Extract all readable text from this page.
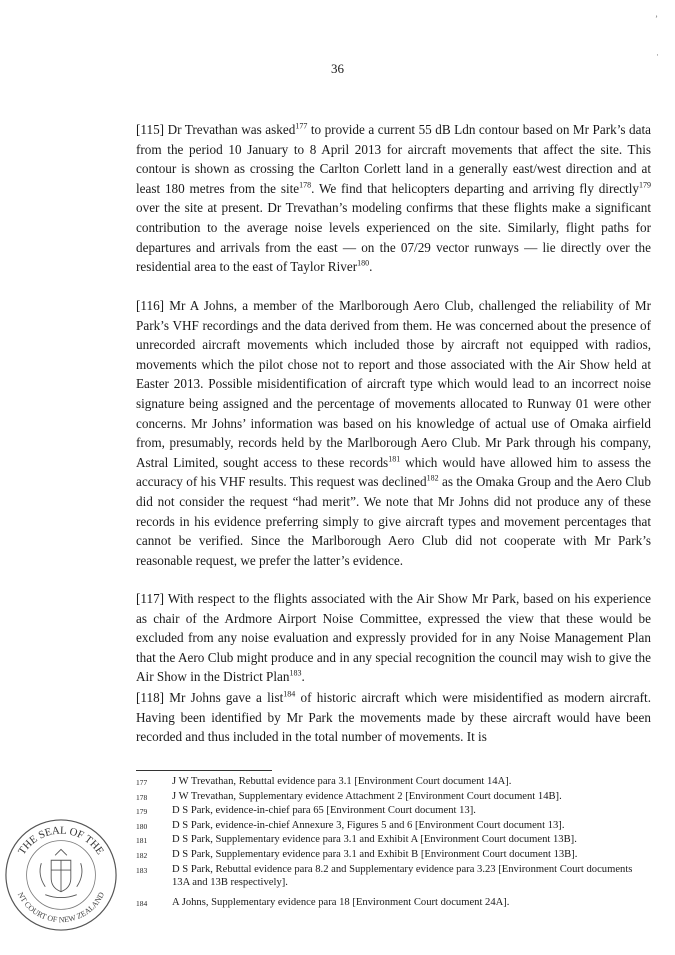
36

[115] Dr Trevathan was asked$^{177}$ to provide a current 55 dB Ldn contour based on Mr Park’s data from the period 10 January to 8 April 2013 for aircraft movements that affect the site. This contour is shown as crossing the Carlton Corlett land in a generally east/west direction and at least 180 metres from the site$^{178}$. We find that helicopters departing and arriving fly directly$^{179}$ over the site at present. Dr Trevathan’s modeling confirms that these flights make a significant contribution to the average noise levels experienced on the site. Similarly, flight paths for departures and arrivals from the east — on the 07/29 vector runways — lie directly over the residential area to the east of Taylor River$^{180}$.

[116] Mr A Johns, a member of the Marlborough Aero Club, challenged the reliability of Mr Park’s VHF recordings and the data derived from them. He was concerned about the presence of unrecorded aircraft movements which included those by aircraft not equipped with radios, movements which the pilot chose not to report and those associated with the Air Show held at Easter 2013. Possible misidentification of aircraft type which would lead to an incorrect noise signature being assigned and the percentage of movements allocated to Runway 01 were other concerns. Mr Johns’ information was based on his knowledge of actual use of Omaka airfield from, presumably, records held by the Marlborough Aero Club. Mr Park through his company, Astral Limited, sought access to these records$^{181}$ which would have allowed him to assess the accuracy of his VHF results. This request was declined$^{182}$ as the Omaka Group and the Aero Club did not consider the request “had merit”. We note that Mr Johns did not produce any of these records in his evidence preferring simply to give aircraft types and movement percentages that cannot be verified. Since the Marlborough Aero Club did not cooperate with Mr Park’s reasonable request, we prefer the latter’s evidence.

[117] With respect to the flights associated with the Air Show Mr Park, based on his experience as chair of the Ardmore Airport Noise Committee, expressed the view that these would be excluded from any noise evaluation and expressly provided for in any Noise Management Plan that the Aero Club might produce and in any special recognition the council may wish to give the Air Show in the District Plan$^{183}$.

[118] Mr Johns gave a list$^{184}$ of historic aircraft which were misidentified as modern aircraft. Having been identified by Mr Park the movements made by these aircraft would have been recorded and thus included in the total number of movements. It is

177	J W Trevathan, Rebuttal evidence para 3.1 [Environment Court document 14A].
178	J W Trevathan, Supplementary evidence Attachment 2 [Environment Court document 14B].
179	D S Park, evidence-in-chief para 65 [Environment Court document 13].
180	D S Park, evidence-in-chief Annexure 3, Figures 5 and 6 [Environment Court document 13].
181	D S Park, Supplementary evidence para 3.1 and Exhibit A [Environment Court document 13B].
182	D S Park, Supplementary evidence para 3.1 and Exhibit B [Environment Court document 13B].
183	D S Park, Rebuttal evidence para 8.2 and Supplementary evidence para 3.23 [Environment Court documents 13A and 13B respectively].
184	A Johns, Supplementary evidence para 18 [Environment Court document 24A].
THE SEAL OF THE
NT COURT OF NEW ZEALAND
’
·
